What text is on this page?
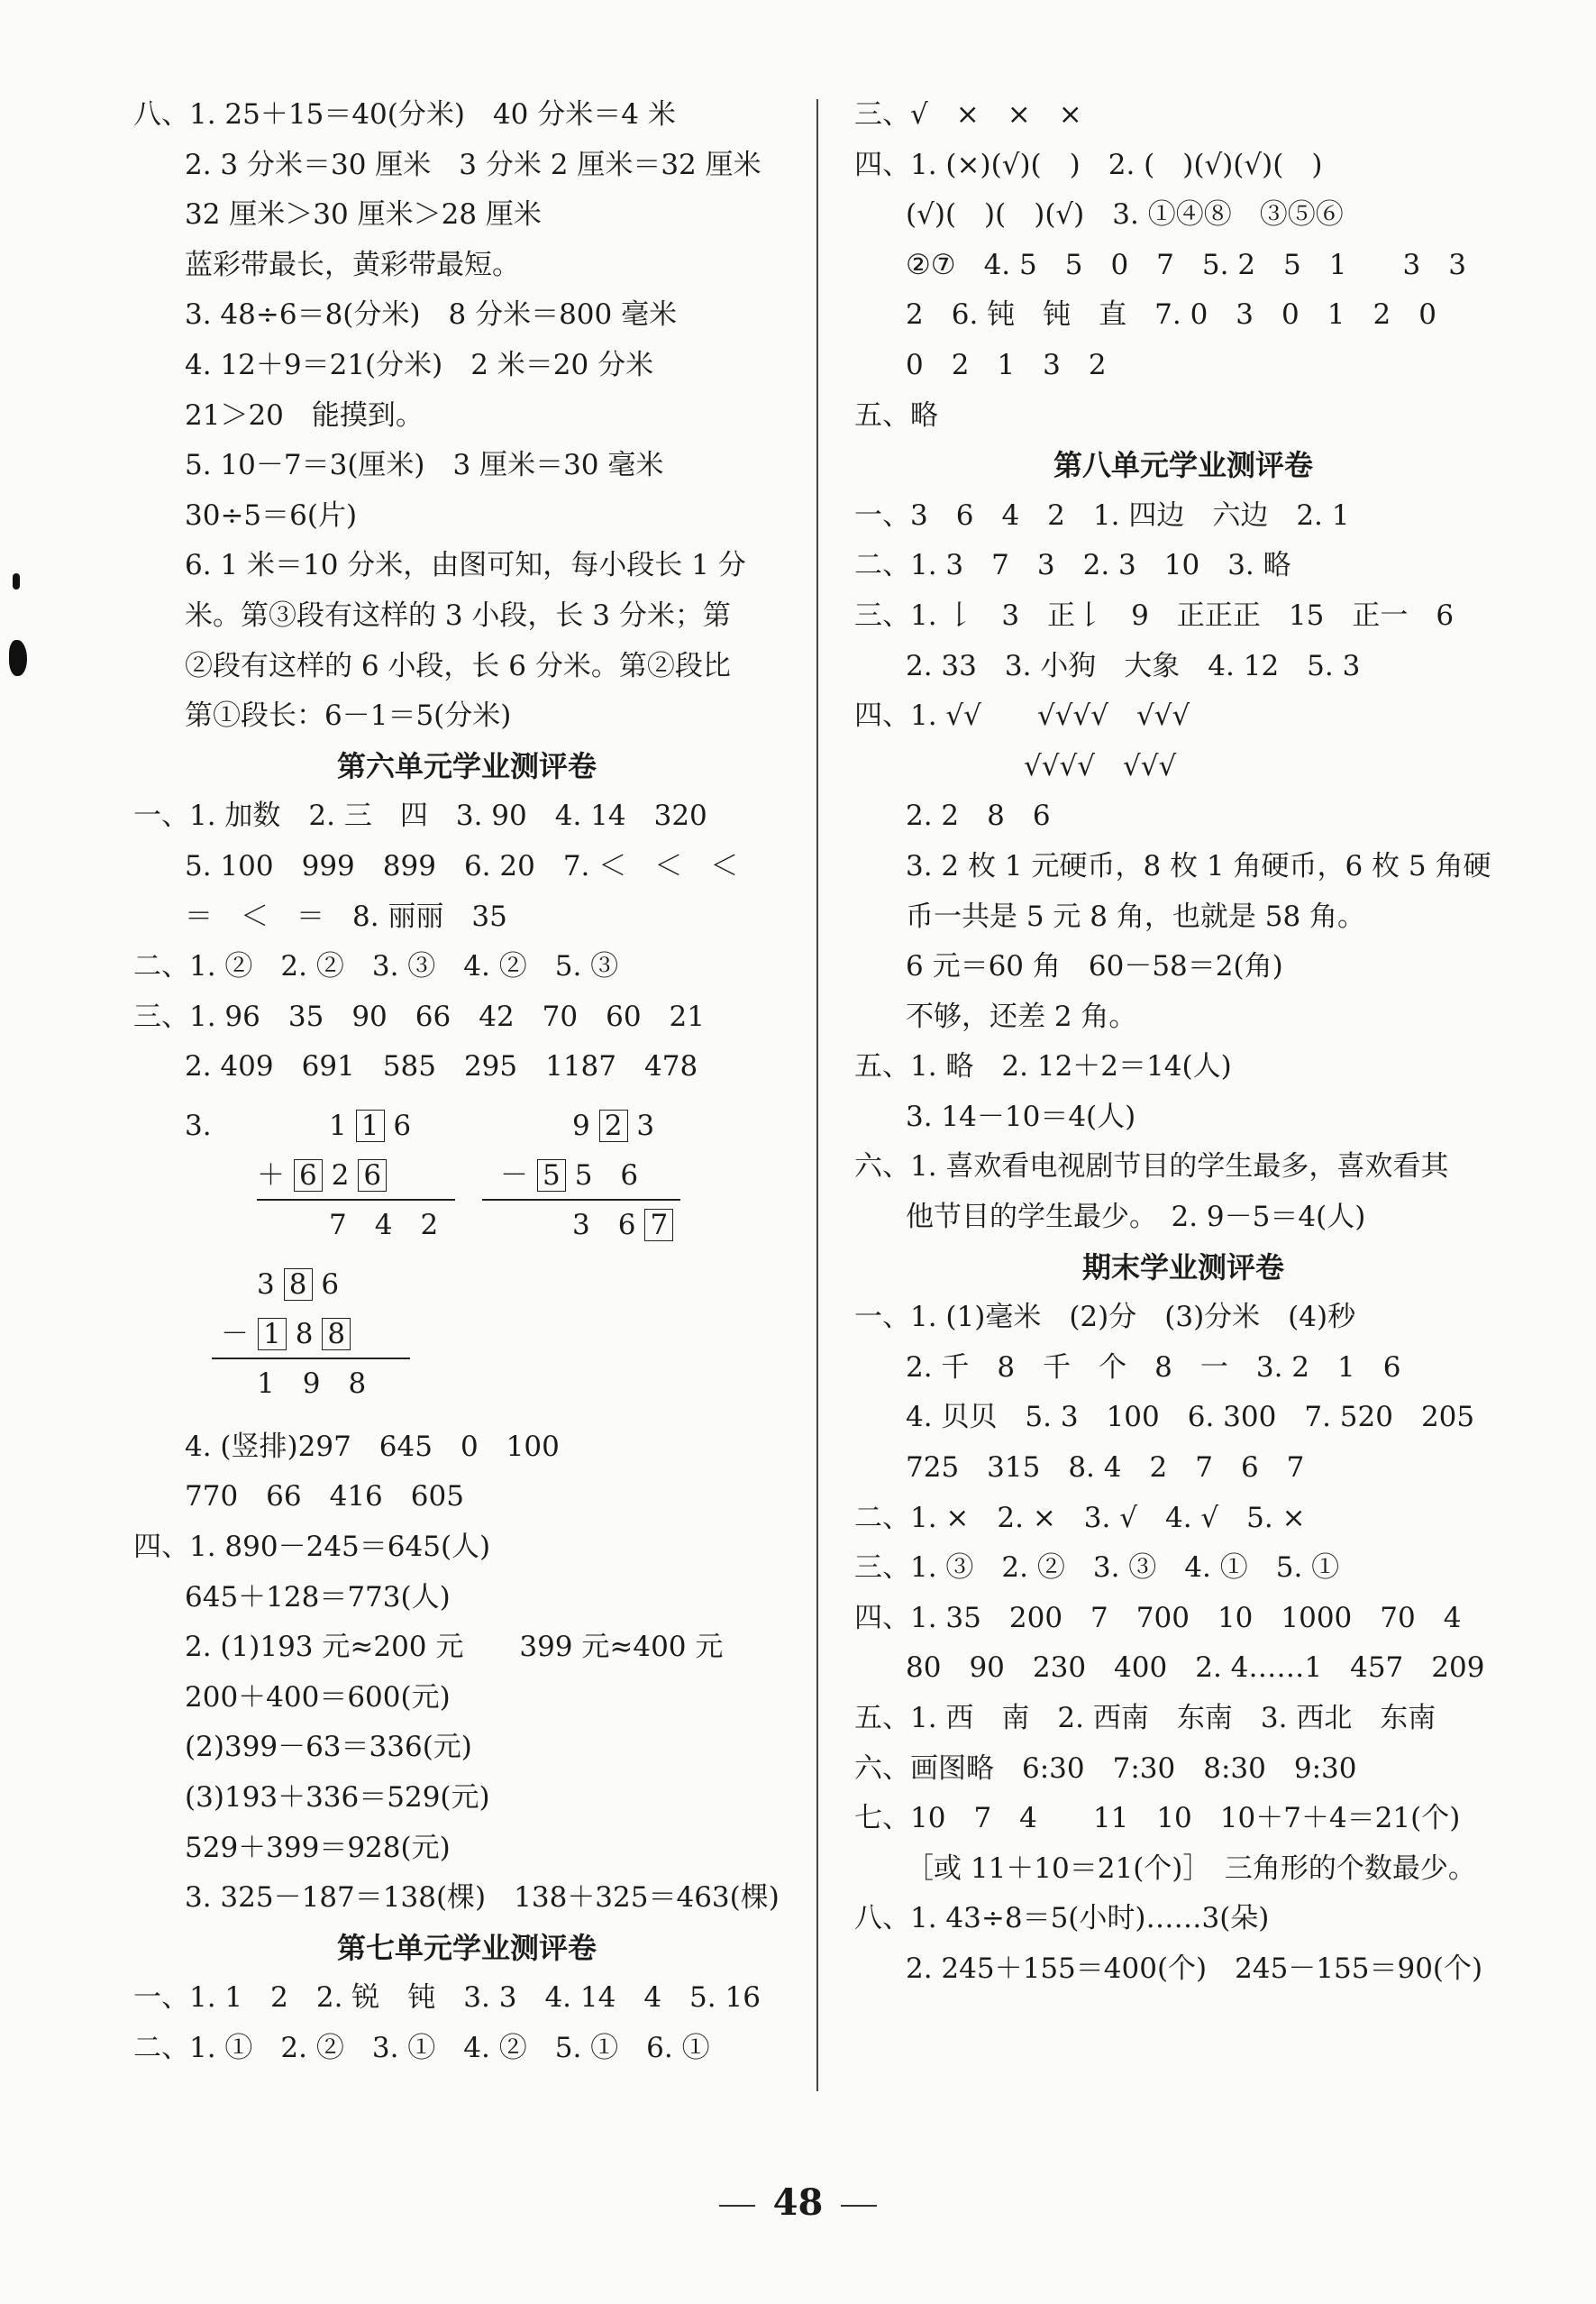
八、1. 25＋15＝40(分米)　40 分米＝4 米
2. 3 分米＝30 厘米　3 分米 2 厘米＝32 厘米
32 厘米＞30 厘米＞28 厘米
蓝彩带最长，黄彩带最短。
3. 48÷6＝8(分米)　8 分米＝800 毫米
4. 12＋9＝21(分米)　2 米＝20 分米
21＞20　能摸到。
5. 10－7＝3(厘米)　3 厘米＝30 毫米
30÷5＝6(片)
6. 1 米＝10 分米，由图可知，每小段长 1 分
米。第③段有这样的 3 小段，长 3 分米；第
②段有这样的 6 小段，长 6 分米。第②段比
第①段长：6－1＝5(分米)
第六单元学业测评卷
一、1. 加数　2. 三　四　3. 90　4. 14　320
5. 100　999　899　6. 20　7. ＜　＜　＜
＝　＜　＝　8. 丽丽　35
二、1. ②　2. ②　3. ③　4. ②　5. ③
三、1. 96　35　90　66　42　70　60　21
2. 409　691　585　295　1187　478
3.	1 1 6
＋ 6 2 6
7　4　2
9 2 3
－ 5 5　6
3　6 7
3 8 6
－ 1 8 8
1　9　8
4. (竖排)297　645　0　100
770　66　416　605
四、1. 890－245＝645(人)
645＋128＝773(人)
2. (1)193 元≈200 元　　399 元≈400 元
200＋400＝600(元)
(2)399－63＝336(元)
(3)193＋336＝529(元)
529＋399＝928(元)
3. 325－187＝138(棵)　138＋325＝463(棵)
第七单元学业测评卷
一、1. 1　2　2. 锐　钝　3. 3　4. 14　4　5. 16
二、1. ①　2. ②　3. ①　4. ②　5. ①　6. ①
三、√　×　×　×
四、1. (×)(√)(　)　2. (　)(√)(√)(　)
(√)(　)(　)(√)　3. ①④⑧　③⑤⑥
②⑦　4. 5　5　0　7　5. 2　5　1　　3　3
2　6. 钝　钝　直　7. 0　3　0　1　2　0
0　2　1　3　2
五、略
第八单元学业测评卷
一、3　6　4　2　1. 四边　六边　2. 1
二、1. 3　7　3　2. 3　10　3. 略
三、1. 𠄌　3　正𠄌　9　正正正　15　正一　6
2. 33　3. 小狗　大象　4. 12　5. 3
四、1. √√　　√√√√　√√√
√√√√　√√√
2. 2　8　6
3. 2 枚 1 元硬币，8 枚 1 角硬币，6 枚 5 角硬
币一共是 5 元 8 角，也就是 58 角。
6 元＝60 角　60－58＝2(角)
不够，还差 2 角。
五、1. 略　2. 12＋2＝14(人)
3. 14－10＝4(人)
六、1. 喜欢看电视剧节目的学生最多，喜欢看其
他节目的学生最少。　2. 9－5＝4(人)
期末学业测评卷
一、1. (1)毫米　(2)分　(3)分米　(4)秒
2. 千　8　千　个　8　一　3. 2　1　6
4. 贝贝　5. 3　100　6. 300　7. 520　205
725　315　8. 4　2　7　6　7
二、1. ×　2. ×　3. √　4. √　5. ×
三、1. ③　2. ②　3. ③　4. ①　5. ①
四、1. 35　200　7　700　10　1000　70　4
80　90　230　400　2. 4……1　457　209
五、1. 西　南　2. 西南　东南　3. 西北　东南
六、画图略　6:30　7:30　8:30　9:30
七、10　7　4　　11　10　10＋7＋4＝21(个)
［或 11＋10＝21(个)］　三角形的个数最少。
八、1. 43÷8＝5(小时)……3(朵)
2. 245＋155＝400(个)　245－155＝90(个)
48
